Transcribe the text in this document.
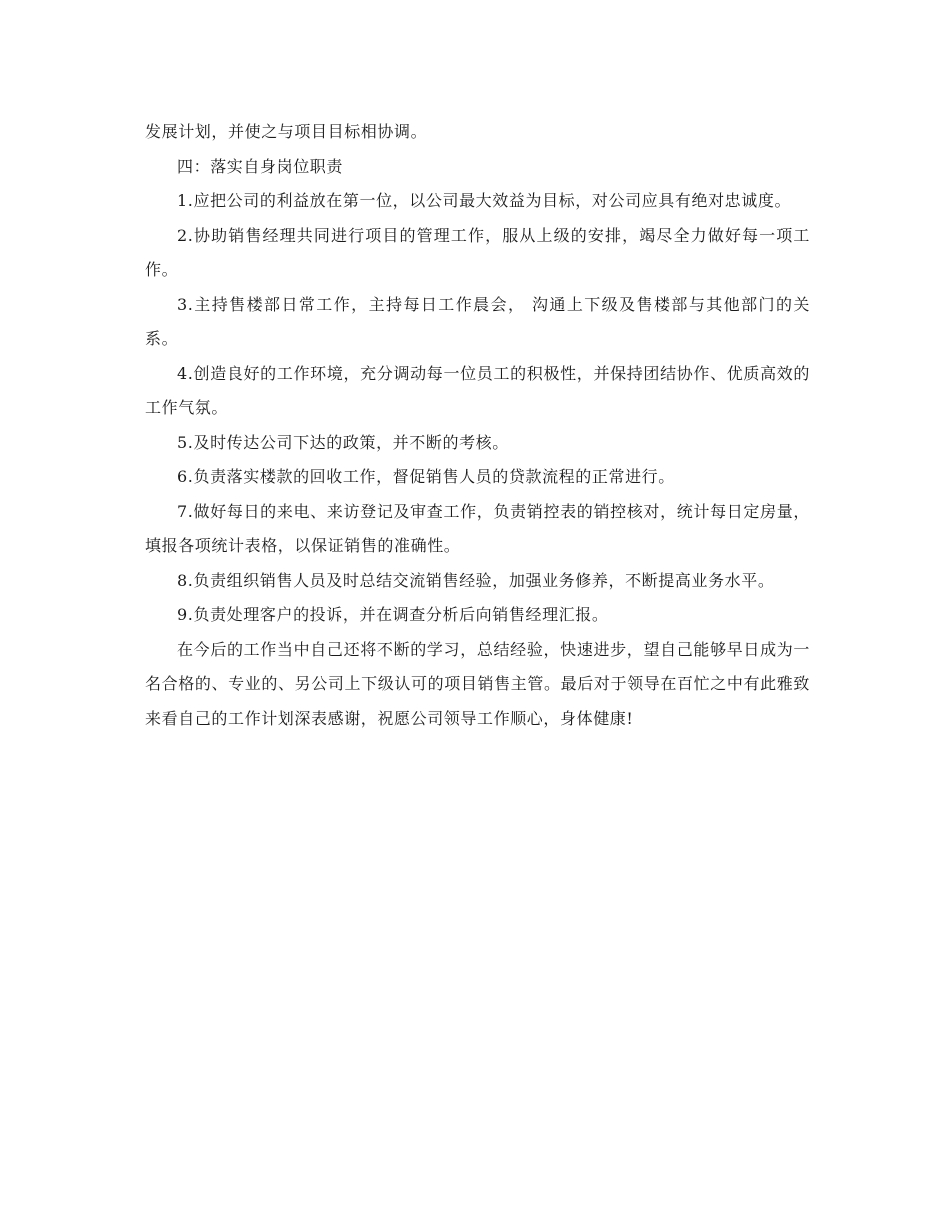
发展计划，并使之与项目目标相协调。

四：落实自身岗位职责

1.应把公司的利益放在第一位，以公司最大效益为目标，对公司应具有绝对忠诚度。

2.协助销售经理共同进行项目的管理工作，服从上级的安排，竭尽全力做好每一项工作。

3.主持售楼部日常工作，主持每日工作晨会， 沟通上下级及售楼部与其他部门的关系。

4.创造良好的工作环境，充分调动每一位员工的积极性，并保持团结协作、优质高效的工作气氛。

5.及时传达公司下达的政策，并不断的考核。

6.负责落实楼款的回收工作，督促销售人员的贷款流程的正常进行。

7.做好每日的来电、来访登记及审查工作，负责销控表的销控核对，统计每日定房量，填报各项统计表格，以保证销售的准确性。

8.负责组织销售人员及时总结交流销售经验，加强业务修养，不断提高业务水平。

9.负责处理客户的投诉，并在调查分析后向销售经理汇报。

在今后的工作当中自己还将不断的学习，总结经验，快速进步，望自己能够早日成为一名合格的、专业的、另公司上下级认可的项目销售主管。最后对于领导在百忙之中有此雅致来看自己的工作计划深表感谢，祝愿公司领导工作顺心，身体健康!
